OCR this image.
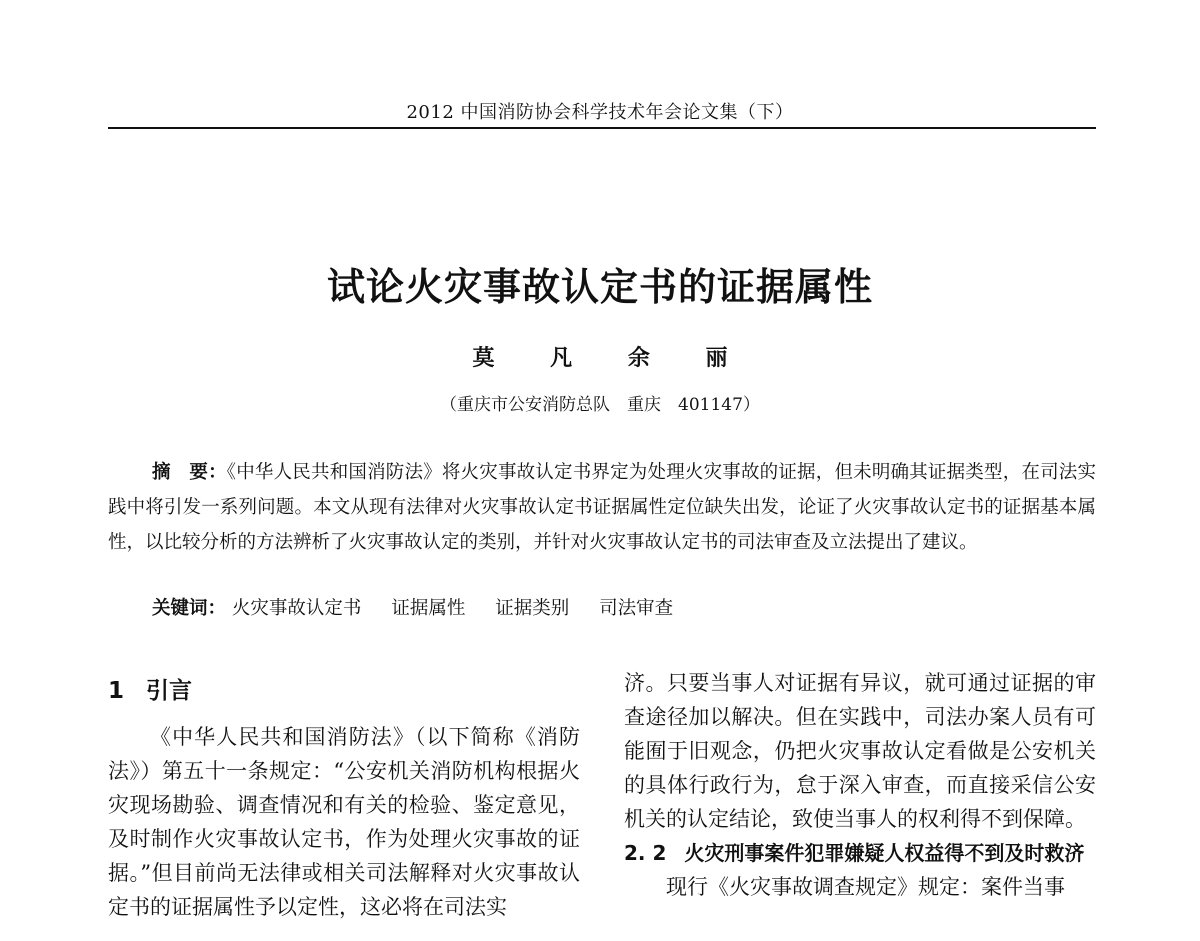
2012 中国消防协会科学技术年会论文集（下）
试论火灾事故认定书的证据属性
莫 凡 余 丽
（重庆市公安消防总队　重庆　401147）
摘　要：《中华人民共和国消防法》将火灾事故认定书界定为处理火灾事故的证据，但未明确其证据类型，在司法实践中将引发一系列问题。本文从现有法律对火灾事故认定书证据属性定位缺失出发，论证了火灾事故认定书的证据基本属性，以比较分析的方法辨析了火灾事故认定的类别，并针对火灾事故认定书的司法审查及立法提出了建议。
关键词： 火灾事故认定书 证据属性 证据类别 司法审查
1 引言

《中华人民共和国消防法》（以下简称《消防法》）第五十一条规定：“公安机关消防机构根据火灾现场勘验、调查情况和有关的检验、鉴定意见，及时制作火灾事故认定书，作为处理火灾事故的证据。”但目前尚无法律或相关司法解释对火灾事故认定书的证据属性予以定性，这必将在司法实

济。只要当事人对证据有异议，就可通过证据的审查途径加以解决。但在实践中，司法办案人员有可能囿于旧观念，仍把火灾事故认定看做是公安机关的具体行政行为，怠于深入审查，而直接采信公安机关的认定结论，致使当事人的权利得不到保障。

2. 2 火灾刑事案件犯罪嫌疑人权益得不到及时救济

现行《火灾事故调查规定》规定：案件当事
